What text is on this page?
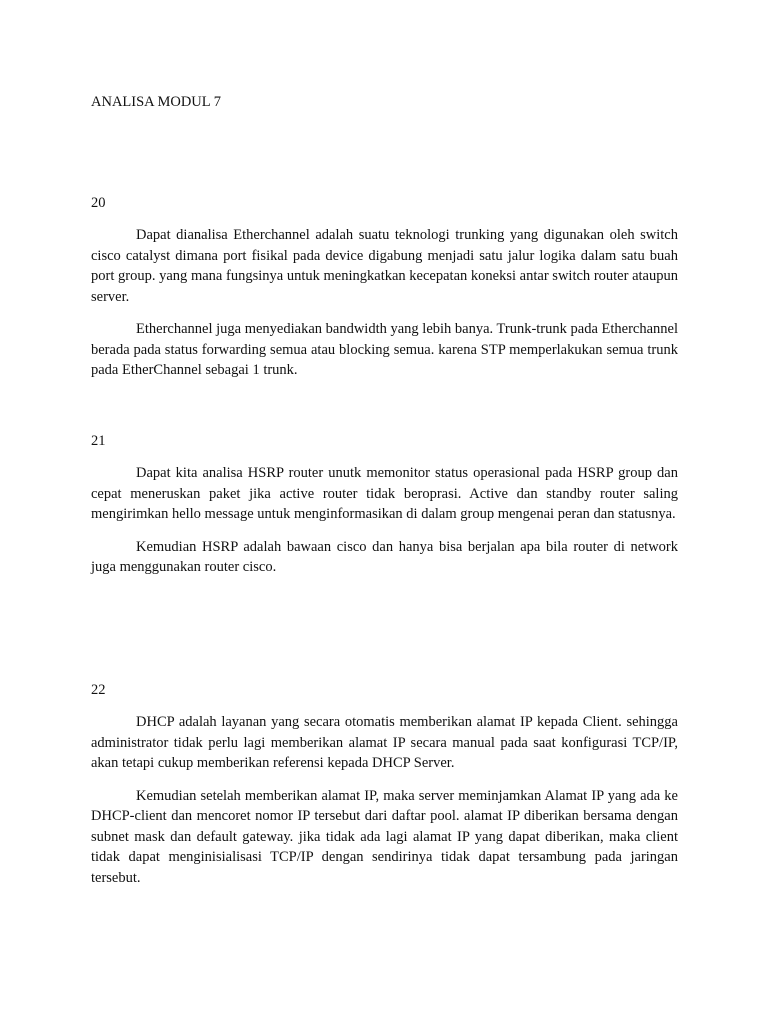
ANALISA MODUL 7

20

Dapat dianalisa Etherchannel adalah suatu teknologi trunking yang digunakan oleh switch cisco catalyst dimana port fisikal pada device digabung menjadi satu jalur logika dalam satu buah port group. yang mana fungsinya untuk meningkatkan kecepatan koneksi antar switch router ataupun server.

Etherchannel juga menyediakan bandwidth yang lebih banya. Trunk-trunk pada Etherchannel berada pada status forwarding semua atau blocking semua. karena STP memperlakukan semua trunk pada EtherChannel sebagai 1 trunk.

21

Dapat kita analisa HSRP router unutk memonitor status operasional pada HSRP group dan cepat meneruskan paket jika active router tidak beroprasi. Active dan standby router saling mengirimkan hello message untuk menginformasikan di dalam group mengenai peran dan statusnya.

Kemudian HSRP adalah bawaan cisco dan hanya bisa berjalan apa bila router di network juga menggunakan router cisco.

22

DHCP adalah layanan yang secara otomatis memberikan alamat IP kepada Client. sehingga administrator tidak perlu lagi memberikan alamat IP secara manual pada saat konfigurasi TCP/IP, akan tetapi cukup memberikan referensi kepada DHCP Server.

Kemudian setelah memberikan alamat IP, maka server meminjamkan Alamat IP yang ada ke DHCP-client dan mencoret nomor IP tersebut dari daftar pool. alamat IP diberikan bersama dengan subnet mask dan default gateway. jika tidak ada lagi alamat IP yang dapat diberikan, maka client tidak dapat menginisialisasi TCP/IP dengan sendirinya tidak dapat tersambung pada jaringan tersebut.
